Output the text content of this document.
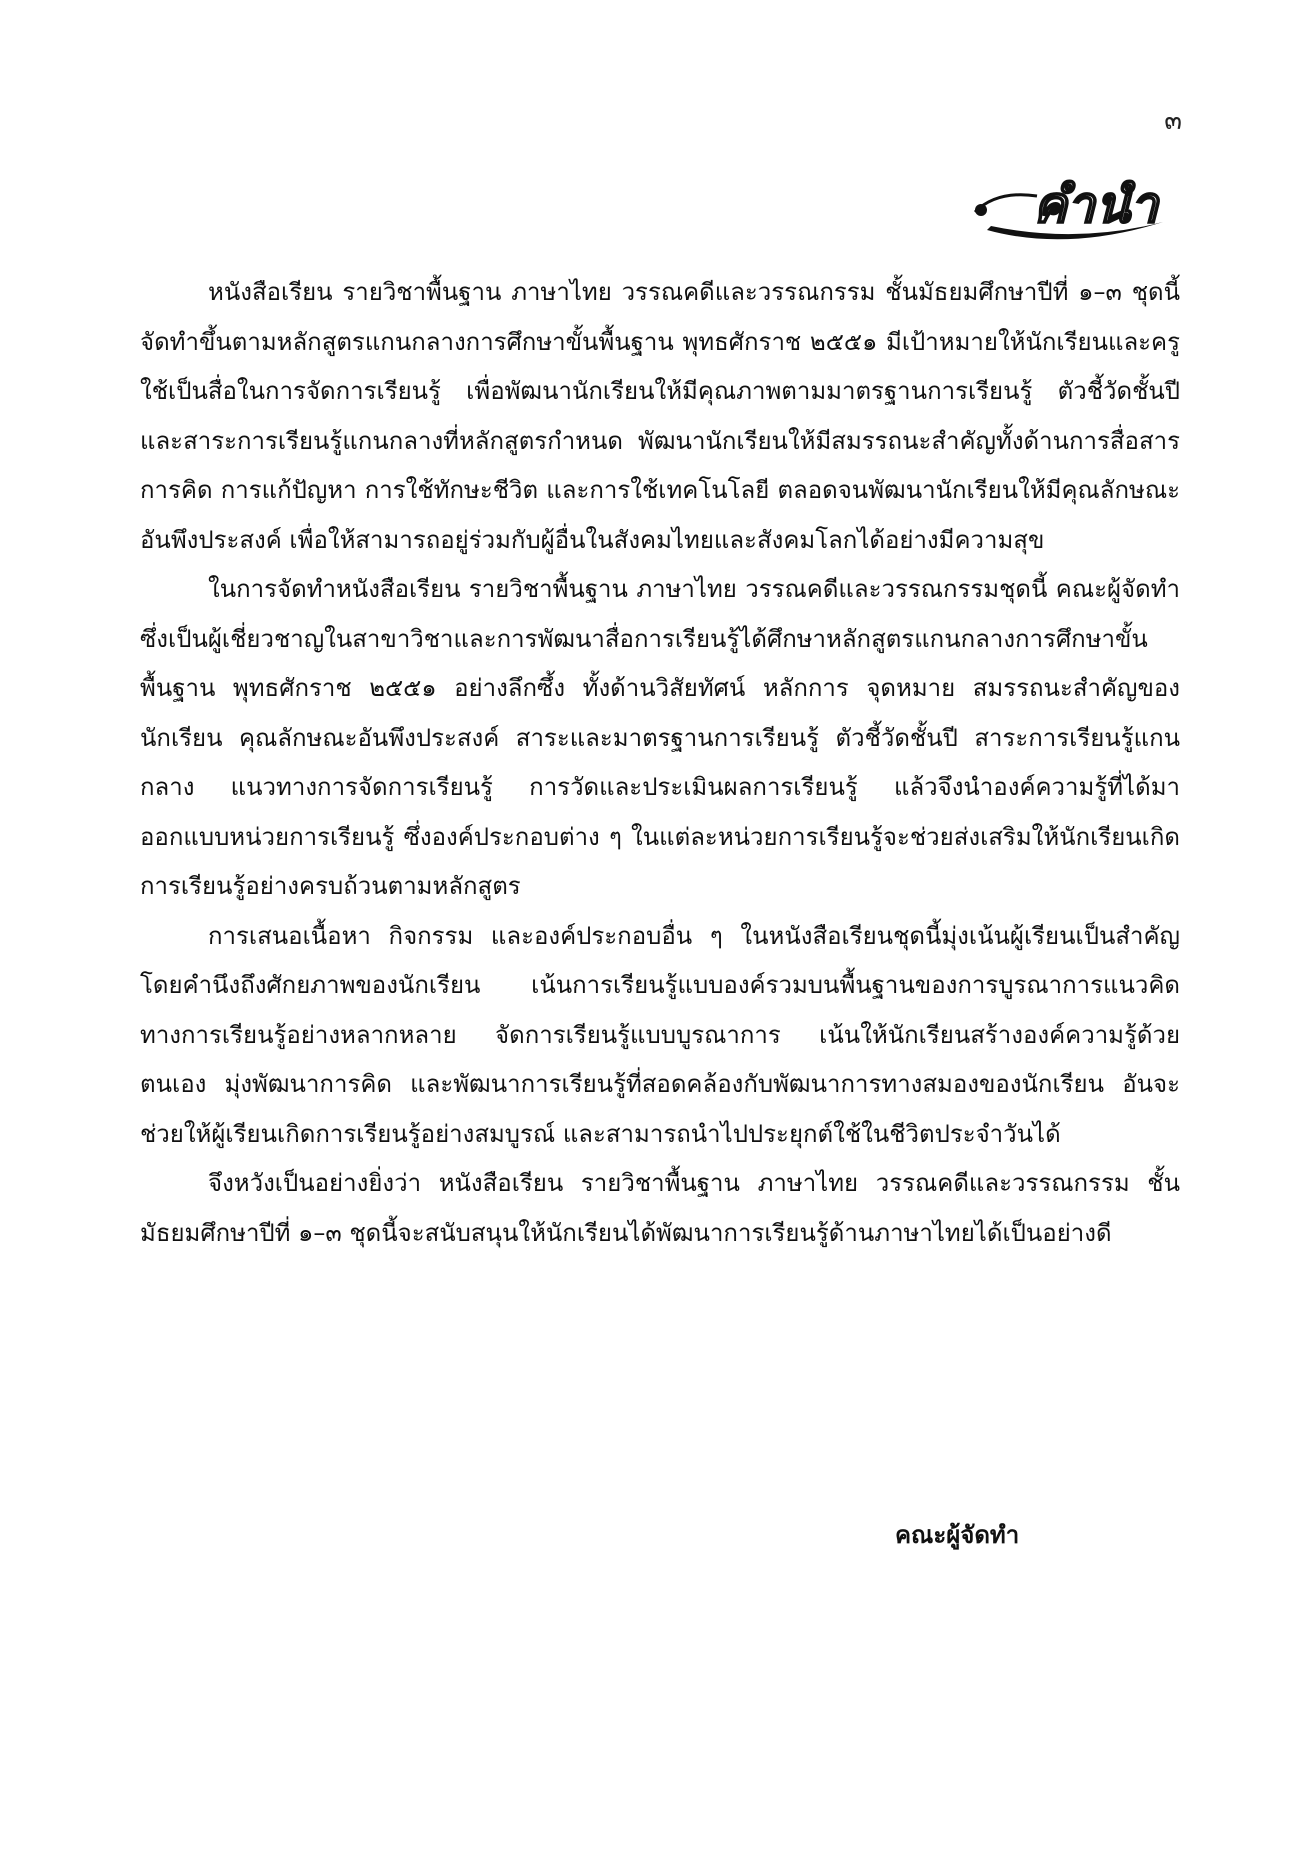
๓
คำนำ

หนังสือเรียน รายวิชาพื้นฐาน ภาษาไทย วรรณคดีและวรรณกรรม ชั้นมัธยมศึกษาปีที่ ๑–๓ ชุดนี้จัดทำขึ้นตามหลักสูตรแกนกลางการศึกษาขั้นพื้นฐาน พุทธศักราช ๒๕๕๑ มีเป้าหมายให้นักเรียนและครู ใช้เป็นสื่อในการจัดการเรียนรู้ เพื่อพัฒนานักเรียนให้มีคุณภาพตามมาตรฐานการเรียนรู้ ตัวชี้วัดชั้นปี และสาระการเรียนรู้แกนกลางที่หลักสูตรกำหนด พัฒนานักเรียนให้มีสมรรถนะสำคัญทั้งด้านการสื่อสาร การคิด การแก้ปัญหา การใช้ทักษะชีวิต และการใช้เทคโนโลยี ตลอดจนพัฒนานักเรียนให้มีคุณลักษณะอันพึงประสงค์ เพื่อให้สามารถอยู่ร่วมกับผู้อื่นในสังคมไทยและสังคมโลกได้อย่างมีความสุข

ในการจัดทำหนังสือเรียน รายวิชาพื้นฐาน ภาษาไทย วรรณคดีและวรรณกรรมชุดนี้ คณะผู้จัดทำซึ่งเป็นผู้เชี่ยวชาญในสาขาวิชาและการพัฒนาสื่อการเรียนรู้ได้ศึกษาหลักสูตรแกนกลางการศึกษาขั้นพื้นฐาน พุทธศักราช ๒๕๕๑ อย่างลึกซึ้ง ทั้งด้านวิสัยทัศน์ หลักการ จุดหมาย สมรรถนะสำคัญของนักเรียน คุณลักษณะอันพึงประสงค์ สาระและมาตรฐานการเรียนรู้ ตัวชี้วัดชั้นปี สาระการเรียนรู้แกนกลาง แนวทางการจัดการเรียนรู้ การวัดและประเมินผลการเรียนรู้ แล้วจึงนำองค์ความรู้ที่ได้มาออกแบบหน่วยการเรียนรู้ ซึ่งองค์ประกอบต่าง ๆ ในแต่ละหน่วยการเรียนรู้จะช่วยส่งเสริมให้นักเรียนเกิดการเรียนรู้อย่างครบถ้วนตามหลักสูตร

การเสนอเนื้อหา กิจกรรม และองค์ประกอบอื่น ๆ ในหนังสือเรียนชุดนี้มุ่งเน้นผู้เรียนเป็นสำคัญ โดยคำนึงถึงศักยภาพของนักเรียน เน้นการเรียนรู้แบบองค์รวมบนพื้นฐานของการบูรณาการแนวคิดทางการเรียนรู้อย่างหลากหลาย จัดการเรียนรู้แบบบูรณาการ เน้นให้นักเรียนสร้างองค์ความรู้ด้วยตนเอง มุ่งพัฒนาการคิด และพัฒนาการเรียนรู้ที่สอดคล้องกับพัฒนาการทางสมองของนักเรียน อันจะช่วยให้ผู้เรียนเกิดการเรียนรู้อย่างสมบูรณ์ และสามารถนำไปประยุกต์ใช้ในชีวิตประจำวันได้

จึงหวังเป็นอย่างยิ่งว่า หนังสือเรียน รายวิชาพื้นฐาน ภาษาไทย วรรณคดีและวรรณกรรม ชั้นมัธยมศึกษาปีที่ ๑–๓ ชุดนี้จะสนับสนุนให้นักเรียนได้พัฒนาการเรียนรู้ด้านภาษาไทยได้เป็นอย่างดี

คณะผู้จัดทำ
